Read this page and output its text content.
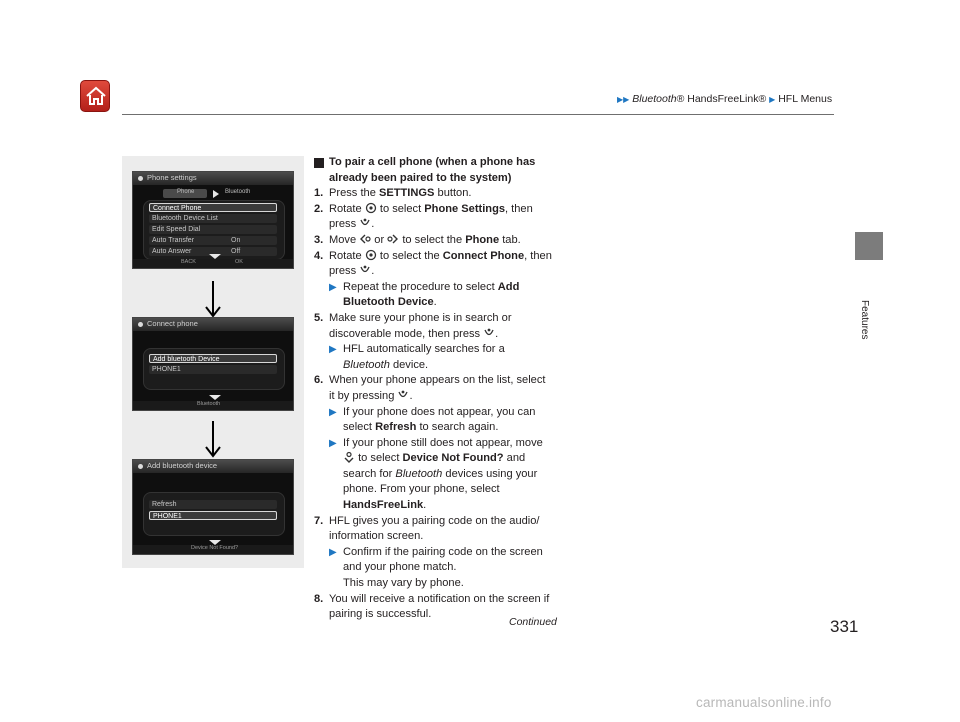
▶▶ Bluetooth® HandsFreeLink® ▶ HFL Menus
Features
Phone settings
Phone	Bluetooth
Connect Phone
Bluetooth Device List
Edit Speed Dial
Auto Transfer	On
Auto Answer	Off
BACK	OK
Connect phone
Add bluetooth Device
PHONE1
Bluetooth
Add bluetooth device
Refresh
PHONE1
Device Not Found?
To pair a cell phone (when a phone has already been paired to the system)
1. Press the SETTINGS button.
2. Rotate  to select Phone Settings, then press .
3. Move  or  to select the Phone tab.
4. Rotate  to select the Connect Phone, then press .
▶ Repeat the procedure to select Add Bluetooth Device.
5. Make sure your phone is in search or discoverable mode, then press .
▶ HFL automatically searches for a Bluetooth device.
6. When your phone appears on the list, select it by pressing .
▶ If your phone does not appear, you can select Refresh to search again.
▶ If your phone still does not appear, move  to select Device Not Found? and search for Bluetooth devices using your phone. From your phone, select HandsFreeLink.
7. HFL gives you a pairing code on the audio/ information screen.
▶ Confirm if the pairing code on the screen and your phone match.
This may vary by phone.
8. You will receive a notification on the screen if pairing is successful.
Continued	331
carmanualsonline.info
